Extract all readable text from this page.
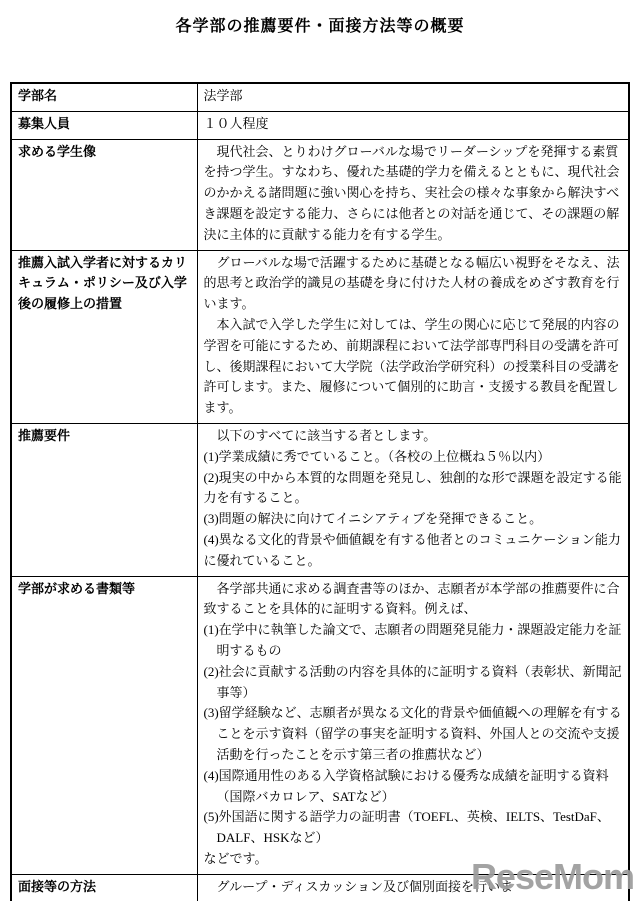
各学部の推薦要件・面接方法等の概要
学部名	法学部

募集人員	１０人程度

求める学生像	現代社会、とりわけグローバルな場でリーダーシップを発揮する素質を持つ学生。すなわち、優れた基礎的学力を備えるとともに、現代社会のかかえる諸問題に強い関心を持ち、実社会の様々な事象から解決すべき課題を設定する能力、さらには他者との対話を通じて、その課題の解決に主体的に貢献する能力を有する学生。

推薦入試入学者に対するカリキュラム・ポリシー及び入学後の履修上の措置	グローバルな場で活躍するために基礎となる幅広い視野をそなえ、法的思考と政治学的識見の基礎を身に付けた人材の養成をめざす教育を行います。

本入試で入学した学生に対しては、学生の関心に応じて発展的内容の学習を可能にするため、前期課程において法学部専門科目の受講を許可し、後期課程において大学院（法学政治学研究科）の授業科目の受講を許可します。また、履修について個別的に助言・支援する教員を配置します。

推薦要件	以下のすべてに該当する者とします。

(1)学業成績に秀でていること。（各校の上位概ね５％以内）

(2)現実の中から本質的な問題を発見し、独創的な形で課題を設定する能力を有すること。

(3)問題の解決に向けてイニシアティブを発揮できること。

(4)異なる文化的背景や価値観を有する他者とのコミュニケーション能力に優れていること。

学部が求める書類等	各学部共通に求める調査書等のほか、志願者が本学部の推薦要件に合致することを具体的に証明する資料。例えば、

(1)在学中に執筆した論文で、志願者の問題発見能力・課題設定能力を証明するもの

(2)社会に貢献する活動の内容を具体的に証明する資料（表彰状、新聞記事等）

(3)留学経験など、志願者が異なる文化的背景や価値観への理解を有することを示す資料（留学の事実を証明する資料、外国人との交流や支援活動を行ったことを示す第三者の推薦状など）

(4)国際通用性のある入学資格試験における優秀な成績を証明する資料（国際バカロレア、SATなど）

(5)外国語に関する語学力の証明書（TOEFL、英検、IELTS、TestDaF、DALF、HSKなど）

などです。

面接等の方法	グループ・ディスカッション及び個別面接を行いま

ReseMom
